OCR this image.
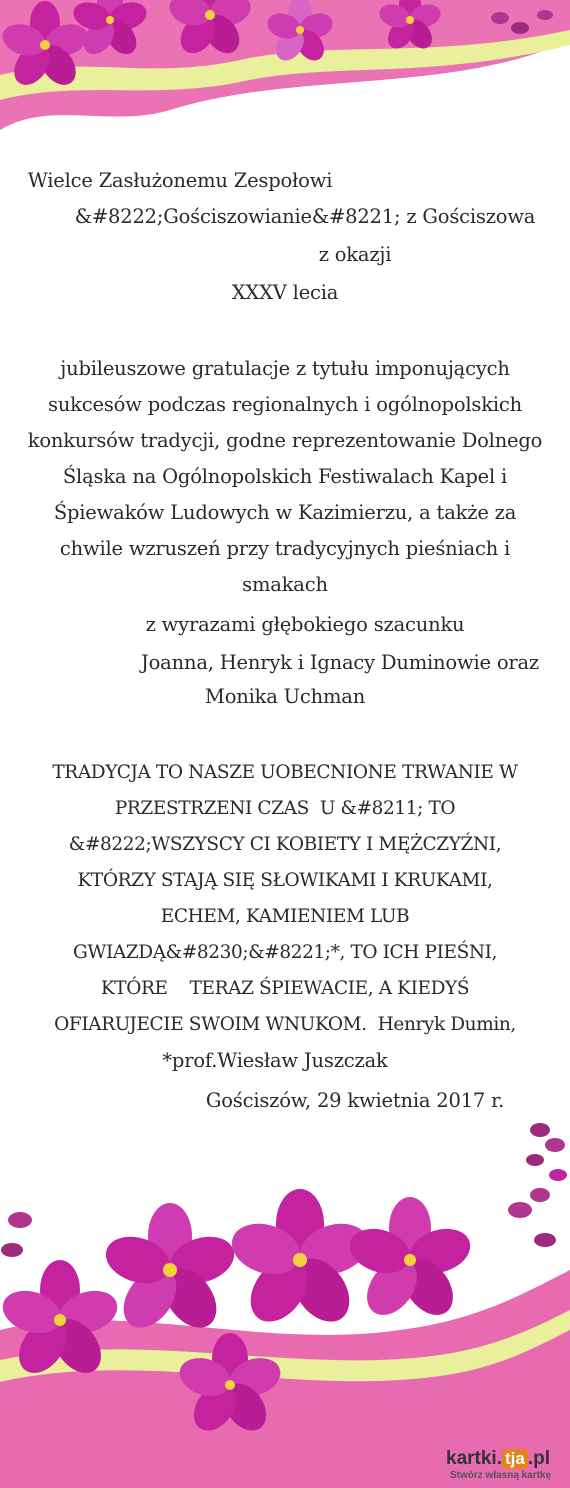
Wielce Zasłużonemu Zespołowi
&#8222;Gościszowianie&#8221; z Gościszowa
z okazji
XXXV lecia
jubileuszowe gratulacje z tytułu imponujących
sukcesów podczas regionalnych i ogólnopolskich
konkursów tradycji, godne reprezentowanie Dolnego
Śląska na Ogólnopolskich Festiwalach Kapel i
Śpiewaków Ludowych w Kazimierzu, a także za
chwile wzruszeń przy tradycyjnych pieśniach i
smakach
z wyrazami głębokiego szacunku
Joanna, Henryk i Ignacy Duminowie oraz
Monika Uchman
TRADYCJA TO NASZE UOBECNIONE TRWANIE W
PRZESTRZENI CZAS  U &#8211; TO
&#8222;WSZYSCY CI KOBIETY I MĘŻCZYŹNI,
KTÓRZY STAJĄ SIĘ SŁOWIKAMI I KRUKAMI,
ECHEM, KAMIENIEM LUB
GWIAZDĄ&#8230;&#8221;*, TO ICH PIEŚNI,
KTÓRE    TERAZ ŚPIEWACIE, A KIEDYŚ
OFIARUJECIE SWOIM WNUKOM.  Henryk Dumin,
*prof.Wiesław Juszczak
Gościszów, 29 kwietnia 2017 r.
kartki. tja .pl
Stwórz własną kartkę
